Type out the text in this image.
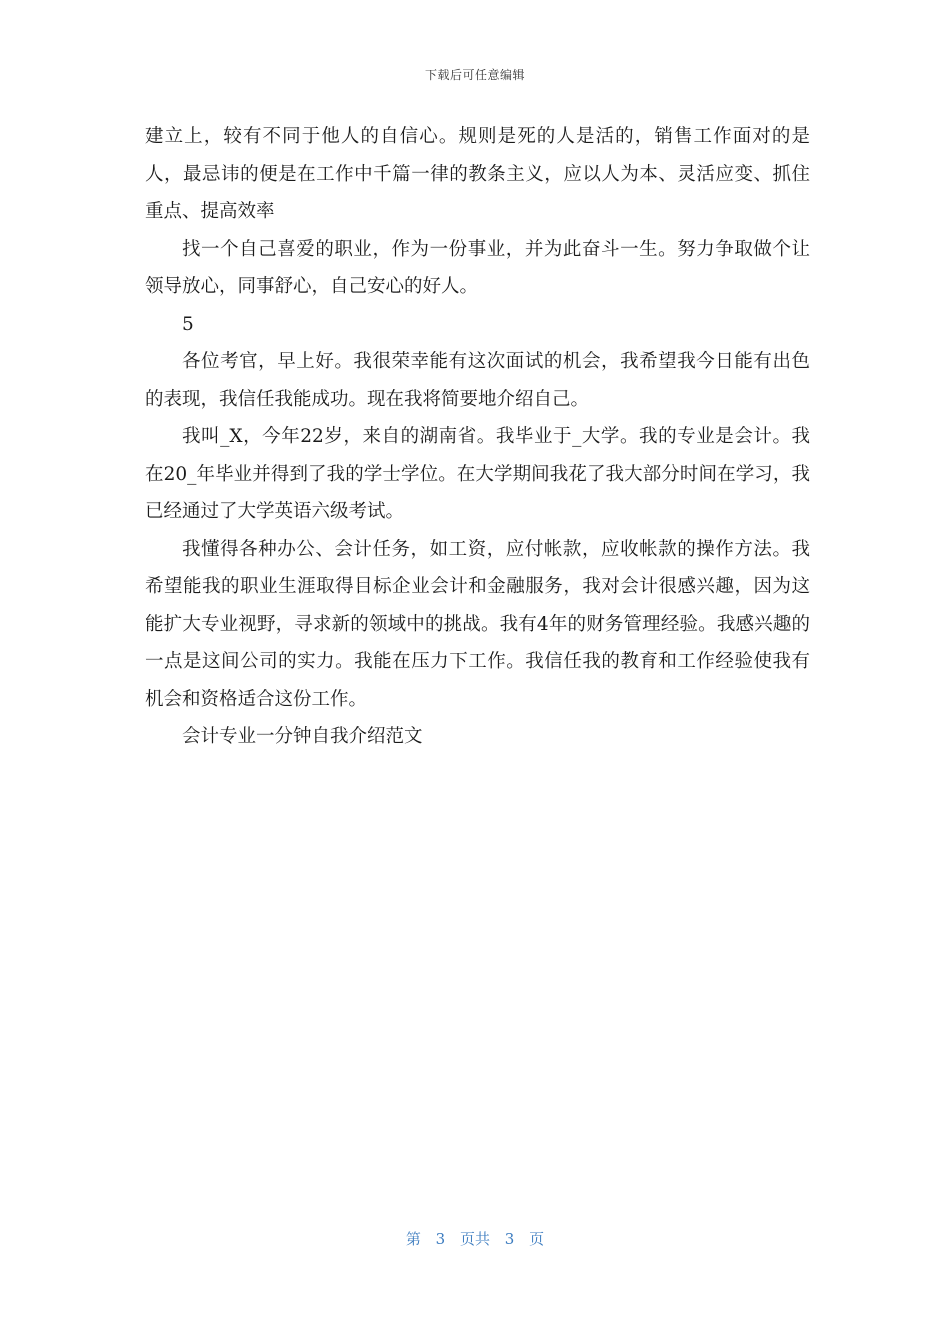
下载后可任意编辑

建立上，较有不同于他人的自信心。规则是死的人是活的，销售工作面对的是人，最忌讳的便是在工作中千篇一律的教条主义，应以人为本、灵活应变、抓住重点、提高效率

找一个自己喜爱的职业，作为一份事业，并为此奋斗一生。努力争取做个让领导放心，同事舒心，自己安心的好人。

5

各位考官，早上好。我很荣幸能有这次面试的机会，我希望我今日能有出色的表现，我信任我能成功。现在我将简要地介绍自己。

我叫_X，今年22岁，来自的湖南省。我毕业于_大学。我的专业是会计。我在20_年毕业并得到了我的学士学位。在大学期间我花了我大部分时间在学习，我已经通过了大学英语六级考试。

我懂得各种办公、会计任务，如工资，应付帐款，应收帐款的操作方法。我希望能我的职业生涯取得目标企业会计和金融服务，我对会计很感兴趣，因为这能扩大专业视野，寻求新的领域中的挑战。我有4年的财务管理经验。我感兴趣的一点是这间公司的实力。我能在压力下工作。我信任我的教育和工作经验使我有机会和资格适合这份工作。

会计专业一分钟自我介绍范文

第 3 页共 3 页
